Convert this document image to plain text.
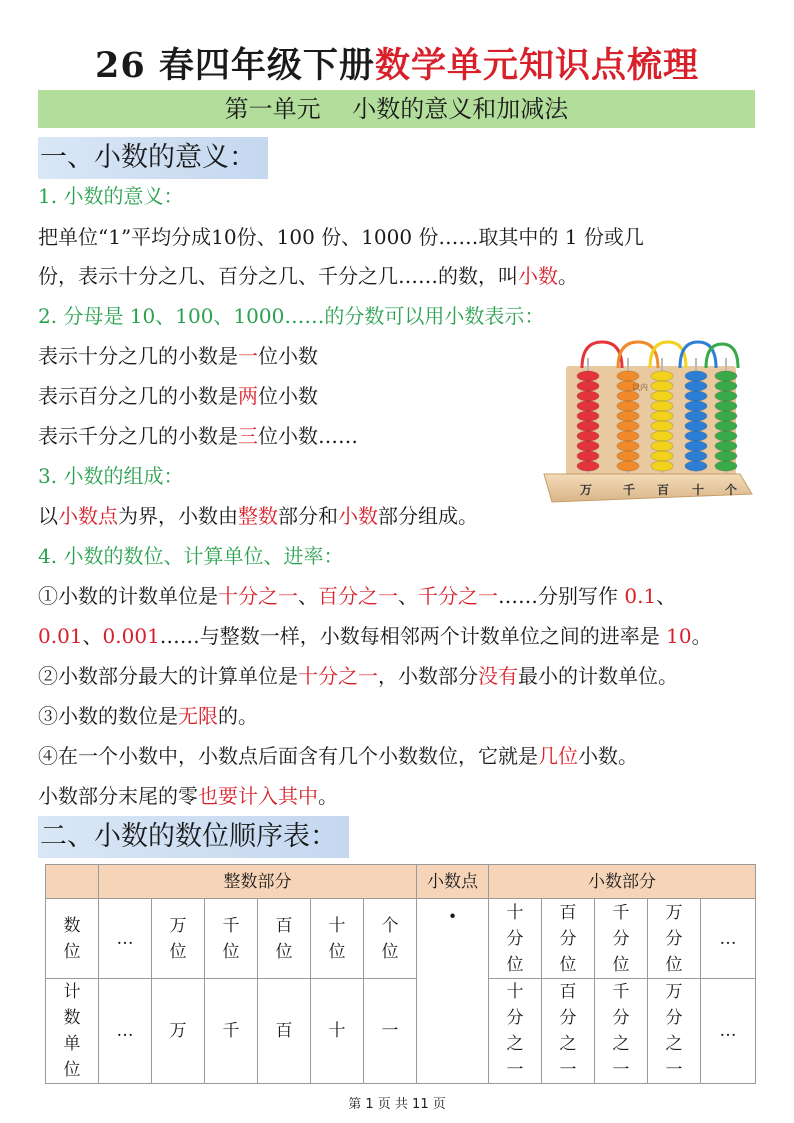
26 春四年级下册数学单元知识点梳理
第一单元　 小数的意义和加减法
一、小数的意义：
1. 小数的意义：
把单位“1”平均分成10份、100 份、1000 份……取其中的 1 份或几
份，表示十分之几、百分之几、千分之几……的数，叫小数。
2. 分母是 10、100、1000……的分数可以用小数表示：
表示十分之几的小数是一位小数
表示百分之几的小数是两位小数
表示千分之几的小数是三位小数……
万	千 百 十 个
以内
3. 小数的组成：
以小数点为界，小数由整数部分和小数部分组成。
4. 小数的数位、计算单位、进率：
①小数的计数单位是十分之一、百分之一、千分之一……分别写作 0.1、
0.01、0.001……与整数一样，小数每相邻两个计数单位之间的进率是 10。
②小数部分最大的计算单位是十分之一，小数部分没有最小的计数单位。
③小数的数位是无限的。
④在一个小数中，小数点后面含有几个小数数位，它就是几位小数。
小数部分末尾的零也要计入其中。
二、小数的数位顺序表：
	整数部分						小数点	小数部分				
数位	…	万位	千位	百位	十位	个位	·	十分位	百分位	千分位	万分位	…
计数单位	…	万	千	百	十	一		十分之一	百分之一	千分之一	万分之一	…
第 1 页 共 11 页
